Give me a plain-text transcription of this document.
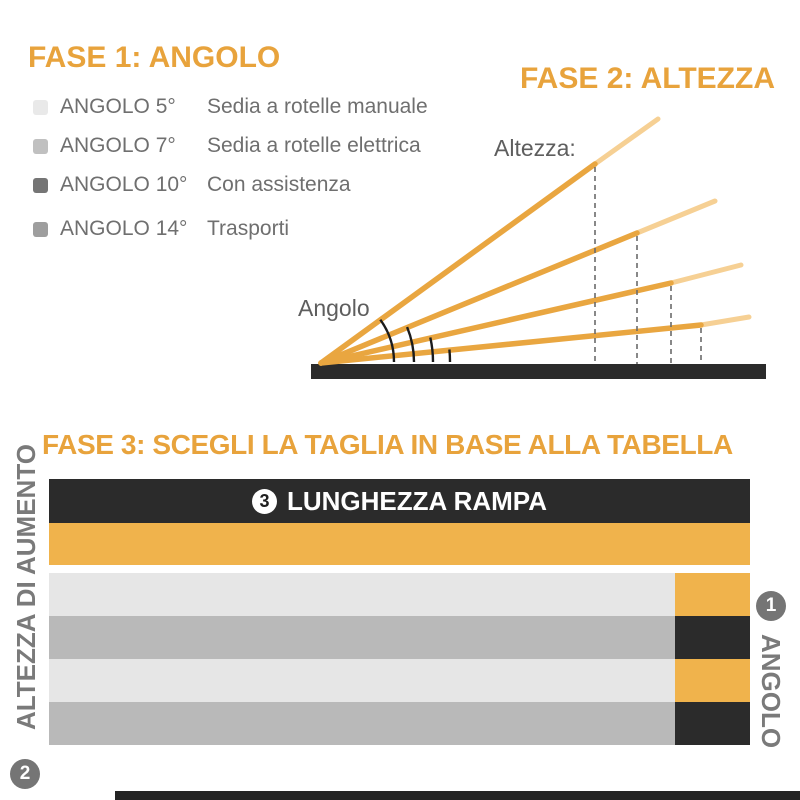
FASE 1: ANGOLO
ANGOLO 5°	Sedia a rotelle manuale
ANGOLO 7°	Sedia a rotelle elettrica
ANGOLO 10° Con assistenza
ANGOLO 14° Trasporti
FASE 2: ALTEZZA
Altezza:
Angolo
FASE 3: SCEGLI LA TAGLIA IN BASE ALLA TABELLA
ALTEZZA DI AUMENTO
2
3 LUNGHEZZA RAMPA
1
ANGOLO
